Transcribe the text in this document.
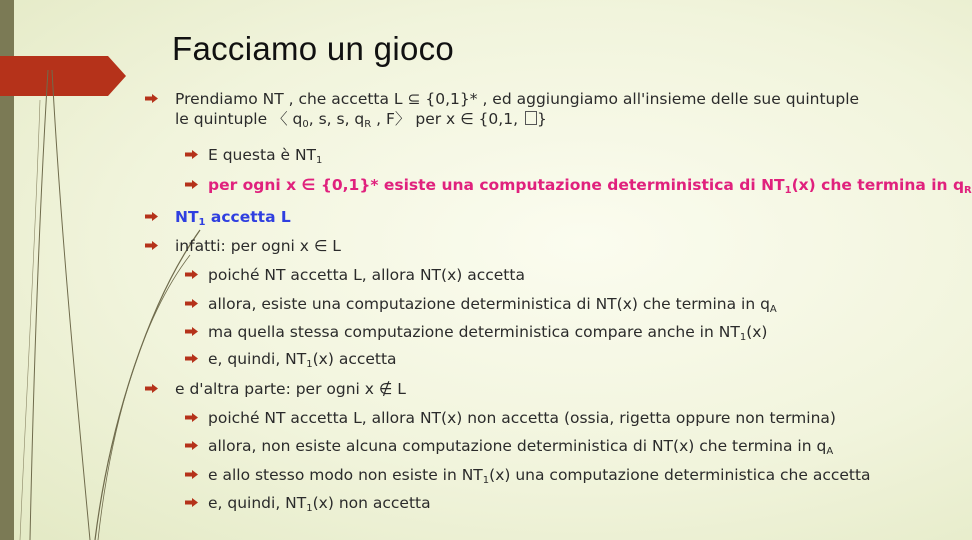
Facciamo un gioco
Prendiamo NT , che accetta L ⊆ {0,1}* , ed aggiungiamo all'insieme delle sue quintuple
le quintuple 〈 $q_0$, s, s, $q_R$ , F〉 per x ∈ {0,1, }
E questa è $NT_1$
per ogni x ∈ {0,1}* esiste una computazione deterministica di $NT_1(x)$ che termina in $q_R$
$NT_1$ accetta L
infatti: per ogni x ∈ L
poiché NT accetta L, allora NT(x) accetta
allora, esiste una computazione deterministica di NT(x) che termina in $q_A$
ma quella stessa computazione deterministica compare anche in $NT_1(x)$
e, quindi, $NT_1(x)$ accetta
e d'altra parte: per ogni x ∉ L
poiché NT accetta L, allora NT(x) non accetta (ossia, rigetta oppure non termina)
allora, non esiste alcuna computazione deterministica di NT(x) che termina in $q_A$
e allo stesso modo non esiste in $NT_1(x)$ una computazione deterministica che accetta
e, quindi, $NT_1(x)$ non accetta
